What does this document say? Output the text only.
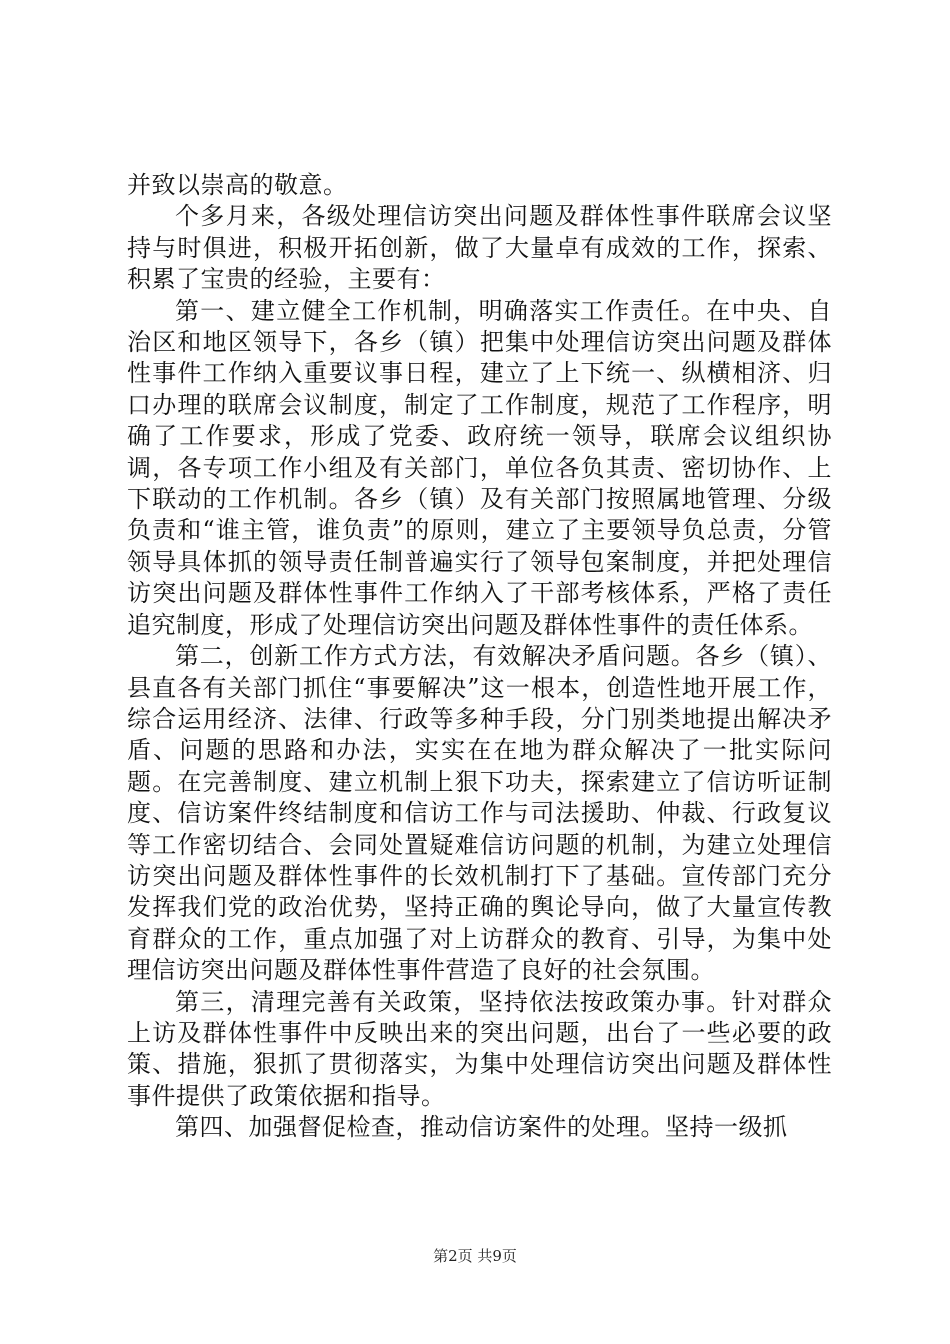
并致以崇高的敬意。

个多月来，各级处理信访突出问题及群体性事件联席会议坚持与时俱进，积极开拓创新，做了大量卓有成效的工作，探索、积累了宝贵的经验，主要有：

第一、建立健全工作机制，明确落实工作责任。在中央、自治区和地区领导下，各乡（镇）把集中处理信访突出问题及群体性事件工作纳入重要议事日程，建立了上下统一、纵横相济、归口办理的联席会议制度，制定了工作制度，规范了工作程序，明确了工作要求，形成了党委、政府统一领导，联席会议组织协调，各专项工作小组及有关部门，单位各负其责、密切协作、上下联动的工作机制。各乡（镇）及有关部门按照属地管理、分级负责和“谁主管，谁负责”的原则，建立了主要领导负总责，分管领导具体抓的领导责任制普遍实行了领导包案制度，并把处理信访突出问题及群体性事件工作纳入了干部考核体系，严格了责任追究制度，形成了处理信访突出问题及群体性事件的责任体系。

第二，创新工作方式方法，有效解决矛盾问题。各乡（镇）、县直各有关部门抓住“事要解决”这一根本，创造性地开展工作，综合运用经济、法律、行政等多种手段，分门别类地提出解决矛盾、问题的思路和办法，实实在在地为群众解决了一批实际问题。在完善制度、建立机制上狠下功夫，探索建立了信访听证制度、信访案件终结制度和信访工作与司法援助、仲裁、行政复议等工作密切结合、会同处置疑难信访问题的机制，为建立处理信访突出问题及群体性事件的长效机制打下了基础。宣传部门充分发挥我们党的政治优势，坚持正确的舆论导向，做了大量宣传教育群众的工作，重点加强了对上访群众的教育、引导，为集中处理信访突出问题及群体性事件营造了良好的社会氛围。

第三，清理完善有关政策，坚持依法按政策办事。针对群众上访及群体性事件中反映出来的突出问题，出台了一些必要的政策、措施，狠抓了贯彻落实，为集中处理信访突出问题及群体性事件提供了政策依据和指导。

第四、加强督促检查，推动信访案件的处理。坚持一级抓

第2页 共9页
